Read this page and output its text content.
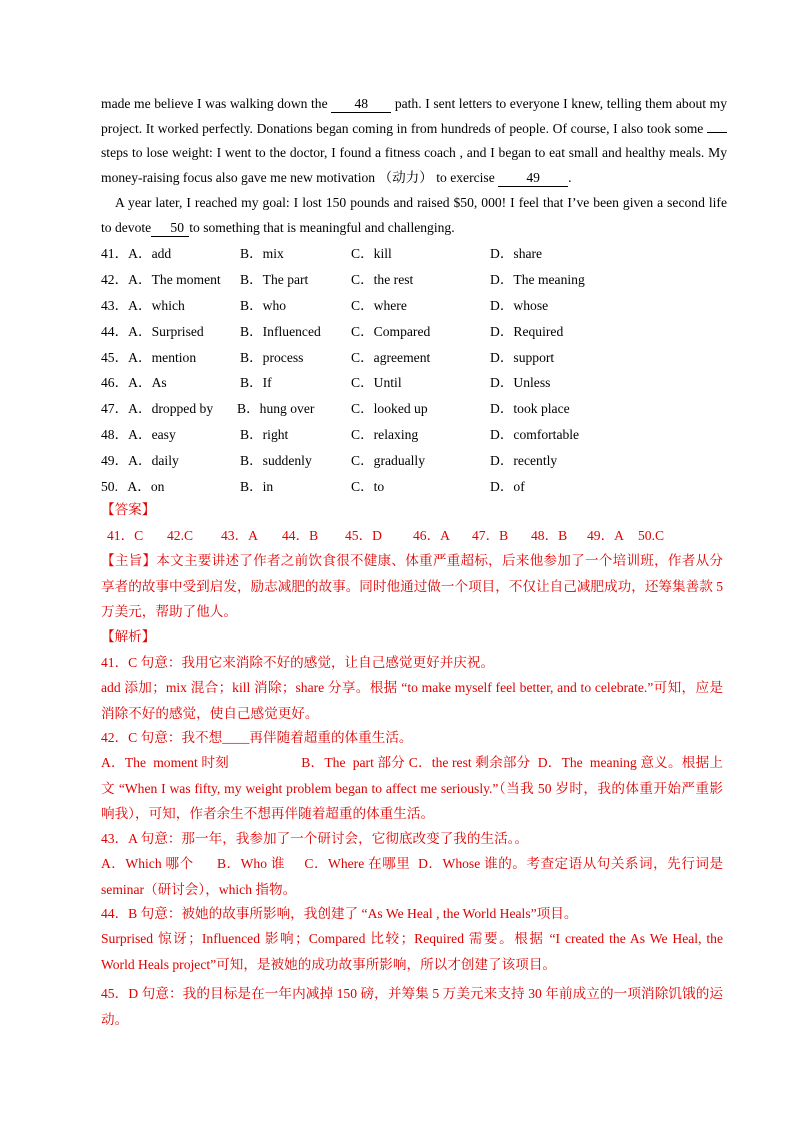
made me believe I was walking down the 48 path. I sent letters to everyone I knew, telling them about my project. It worked perfectly. Donations began coming in from hundreds of people. Of course, I also took some steps to lose weight: I went to the doctor, I found a fitness coach , and I began to eat small and healthy meals. My money-raising focus also gave me new motivation （动力） to exercise 49 .
A year later, I reached my goal: I lost 150 pounds and raised $50, 000! I feel that I’ve been given a second life to devote 50 to something that is meaningful and challenging.
41．A．add	B．mix	C．kill	D．share
42．A．The moment B．The part	C．the rest	D．The meaning
43．A．which	B．who	C．where	D．whose
44．A．Surprised	B．Influenced C．Compared	D．Required
45．A．mention	B．process	C．agreement	D．support
46．A．As	B．If	C．Until	D．Unless
47．A．dropped by B．hung over	C．looked up	D．took place
48．A．easy	B．right	C．relaxing	D．comfortable
49．A．daily	B．suddenly	C．gradually	D．recently
50.   A．on	B．in	C．to	D．of
【答案】
41．C 42.C 43．A 44．B 45．D 46．A 47．B 48．B 49．A 50.C
【主旨】本文主要讲述了作者之前饮食很不健康、体重严重超标，后来他参加了一个培训班，作者从分享者的故事中受到启发，励志减肥的故事。同时他通过做一个项目，不仅让自己减肥成功，还筹集善款 5 万美元，帮助了他人。
【解析】
41．C 句意：我用它来消除不好的感觉，让自己感觉更好并庆祝。
add 添加；mix 混合；kill 消除；share 分享。根据 “to make myself feel better, and to celebrate.”可知，应是消除不好的感觉，使自己感觉更好。
42．C 句意：我不想____再伴随着超重的体重生活。
A．The  moment 时刻                    B．The  part 部分 C．the rest 剩余部分  D．The  meaning 意义。根据上文 “When I was fifty, my weight problem began to affect me seriously.”（当我 50 岁时，我的体重开始严重影响我），可知，作者余生不想再伴随着超重的体重生活。
43．A 句意：那一年，我参加了一个研讨会，它彻底改变了我的生活。。
A．Which 哪个      B．Who 谁     C．Where 在哪里  D．Whose 谁的。考查定语从句关系词，先行词是 seminar（研讨会），which 指物。
44．B 句意：被她的故事所影响，我创建了 “As We Heal , the World Heals”项目。
Surprised 惊讶；Influenced 影响；Compared 比较；Required 需要。根据 “I created the As We Heal, the World Heals project”可知，是被她的成功故事所影响，所以才创建了该项目。
45．D 句意：我的目标是在一年内减掉 150 磅，并筹集 5 万美元来支持 30 年前成立的一项消除饥饿的运动。
